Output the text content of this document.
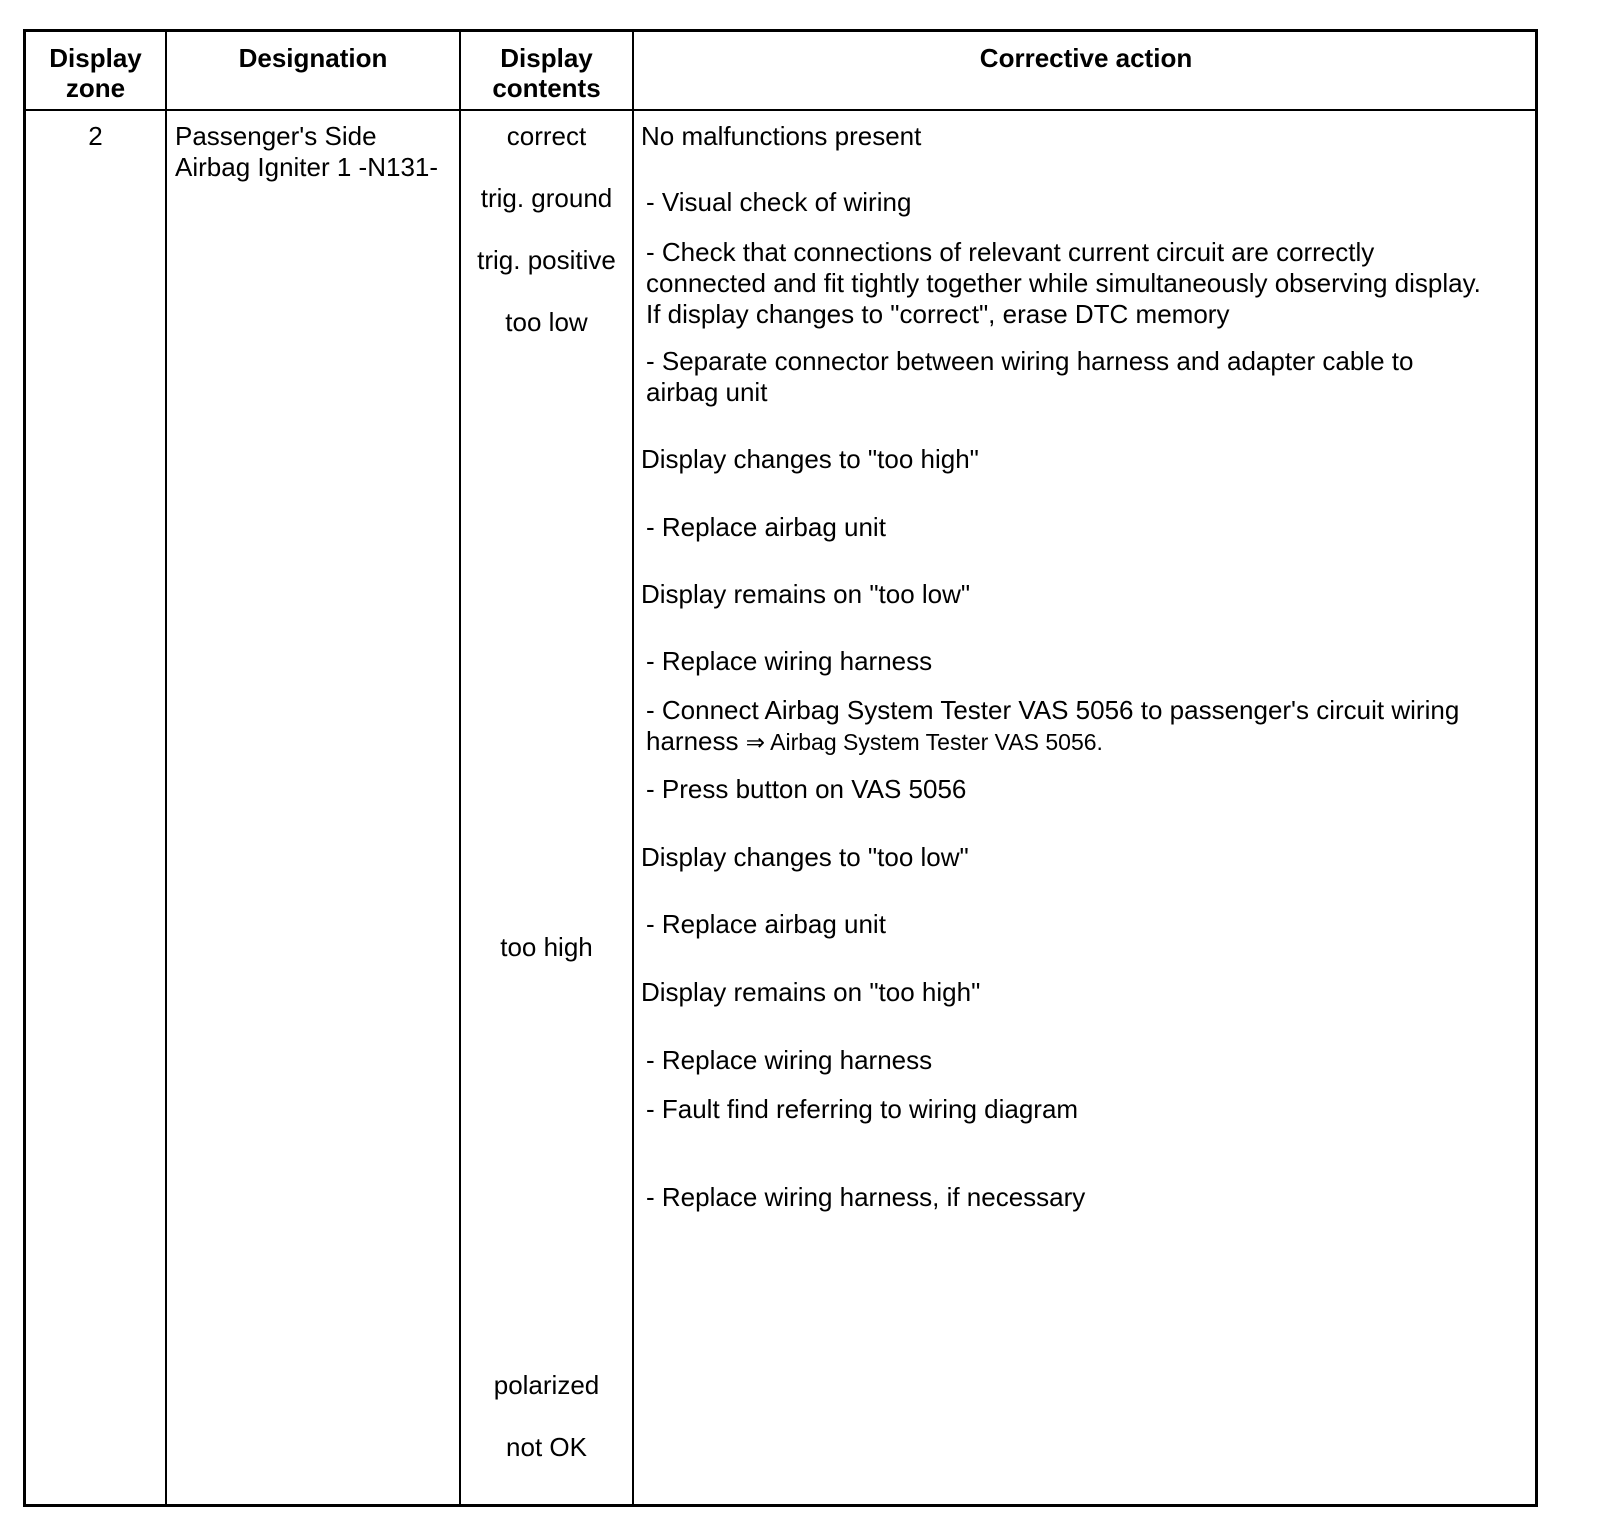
Display
zone
Designation	Display
contents
Corrective action
2	Passenger's Side
Airbag Igniter 1 -N131-
correct
trig. ground
trig. positive
too low
too high
polarized
not OK
No malfunctions present
- Visual check of wiring
- Check that connections of relevant current circuit are correctly
connected and fit tightly together while simultaneously observing display.
If display changes to "correct", erase DTC memory
- Separate connector between wiring harness and adapter cable to
airbag unit
Display changes to "too high"
- Replace airbag unit
Display remains on "too low"
- Replace wiring harness
- Connect Airbag System Tester VAS 5056 to passenger's circuit wiring
harness ⇒ Airbag System Tester VAS 5056.
- Press button on VAS 5056
Display changes to "too low"
- Replace airbag unit
Display remains on "too high"
- Replace wiring harness
- Fault find referring to wiring diagram
- Replace wiring harness, if necessary
